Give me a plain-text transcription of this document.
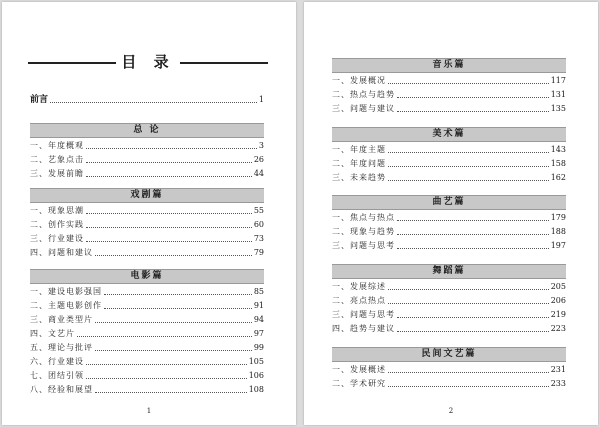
目 录
前言	1
总 论
一、年度概观	3
二、艺象点击	26
三、发展前瞻	44
戏剧篇
一、现象思潮	55
二、创作实践	60
三、行业建设	73
四、问题和建议	79
电影篇
一、建设电影强国	85
二、主题电影创作	91
三、商业类型片	94
四、文艺片	97
五、理论与批评	99
六、行业建设	105
七、团结引领	106
八、经验和展望	108
1
音乐篇
一、发展概况	117
二、热点与趋势	131
三、问题与建议	135
美术篇
一、年度主题	143
二、年度问题	158
三、未来趋势	162
曲艺篇
一、焦点与热点	179
二、现象与趋势	188
三、问题与思考	197
舞蹈篇
一、发展综述	205
二、亮点热点	206
三、问题与思考	219
四、趋势与建议	223
民间文艺篇
一、发展概述	231
二、学术研究	233
2
